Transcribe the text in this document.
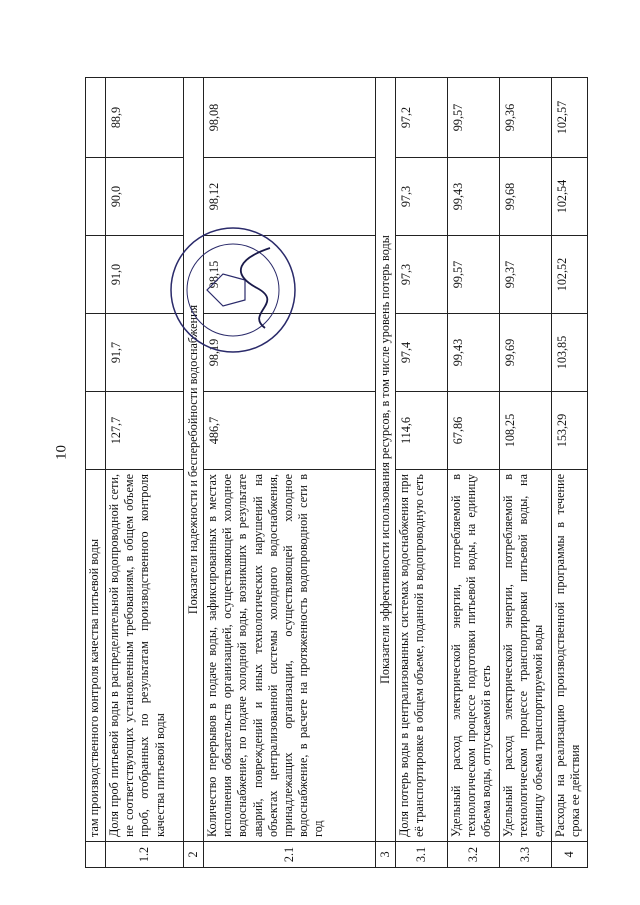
10
	там производственного контроля качества питьевой воды					
1.2	Доля проб питьевой воды в распределительной водопроводной сети, не соответствующих установленным требованиям, в общем объеме проб, отобранных по результатам производственного контроля качества питьевой воды	127,7	91,7	91,0	90,0	88,9
2	Показатели надежности и бесперебойности водоснабжения					
2.1	Количество перерывов в подаче воды, зафиксированных в местах исполнения обязательств организацией, осуществляющей холодное водоснабжение, по подаче холодной воды, возникших в результате аварий, повреждений и иных технологических нарушений на объектах централизованной системы холодного водоснабжения, принадлежащих организации, осуществляющей холодное водоснабжение, в расчете на протяженность водопроводной сети в год	486,7	98,19	98,15	98,12	98,08
3	Показатели эффективности использования ресурсов, в том числе уровень потерь воды					
3.1	Доля потерь воды в централизованных системах водоснабжения при её транспортировке в общем объеме, поданной в водопроводную сеть	114,6	97,4	97,3	97,3	97,2
3.2	Удельный расход электрической энергии, потребляемой в технологическом процессе подготовки питьевой воды, на единицу объема воды, отпускаемой в сеть	67,86	99,43	99,57	99,43	99,57
3.3	Удельный расход электрической энергии, потребляемой в технологическом процессе транспортировки питьевой воды, на единицу объема транспортируемой воды	108,25	99,69	99,37	99,68	99,36
4	Расходы на реализацию производственной программы в течение срока ее действия	153,29	103,85	102,52	102,54	102,57
